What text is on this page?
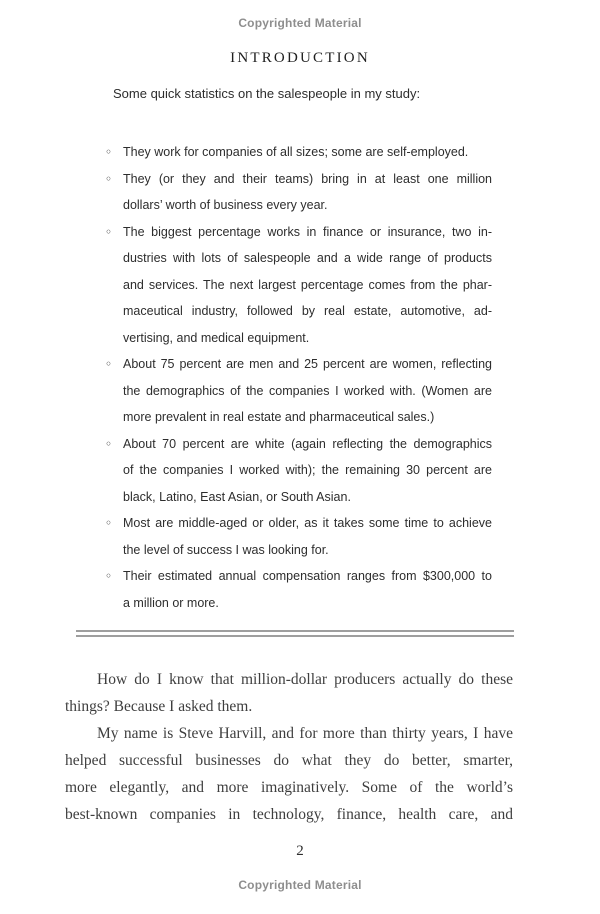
Copyrighted Material
INTRODUCTION
Some quick statistics on the salespeople in my study:
◦ They work for companies of all sizes; some are self-employed.
◦ They (or they and their teams) bring in at least one million
dollars’ worth of business every year.
◦ The biggest percentage works in finance or insurance, two in-
dustries with lots of salespeople and a wide range of products
and services. The next largest percentage comes from the phar-
maceutical industry, followed by real estate, automotive, ad-
vertising, and medical equipment.
◦ About 75 percent are men and 25 percent are women, reflecting
the demographics of the companies I worked with. (Women are
more prevalent in real estate and pharmaceutical sales.)
◦ About 70 percent are white (again reflecting the demographics
of the companies I worked with); the remaining 30 percent are
black, Latino, East Asian, or South Asian.
◦ Most are middle-aged or older, as it takes some time to achieve
the level of success I was looking for.
◦ Their estimated annual compensation ranges from $300,000 to
a million or more.
How do I know that million-dollar producers actually do these
things? Because I asked them.
My name is Steve Harvill, and for more than thirty years, I have
helped successful businesses do what they do better, smarter,
more elegantly, and more imaginatively. Some of the world’s
best-known companies in technology, finance, health care, and
2
Copyrighted Material
